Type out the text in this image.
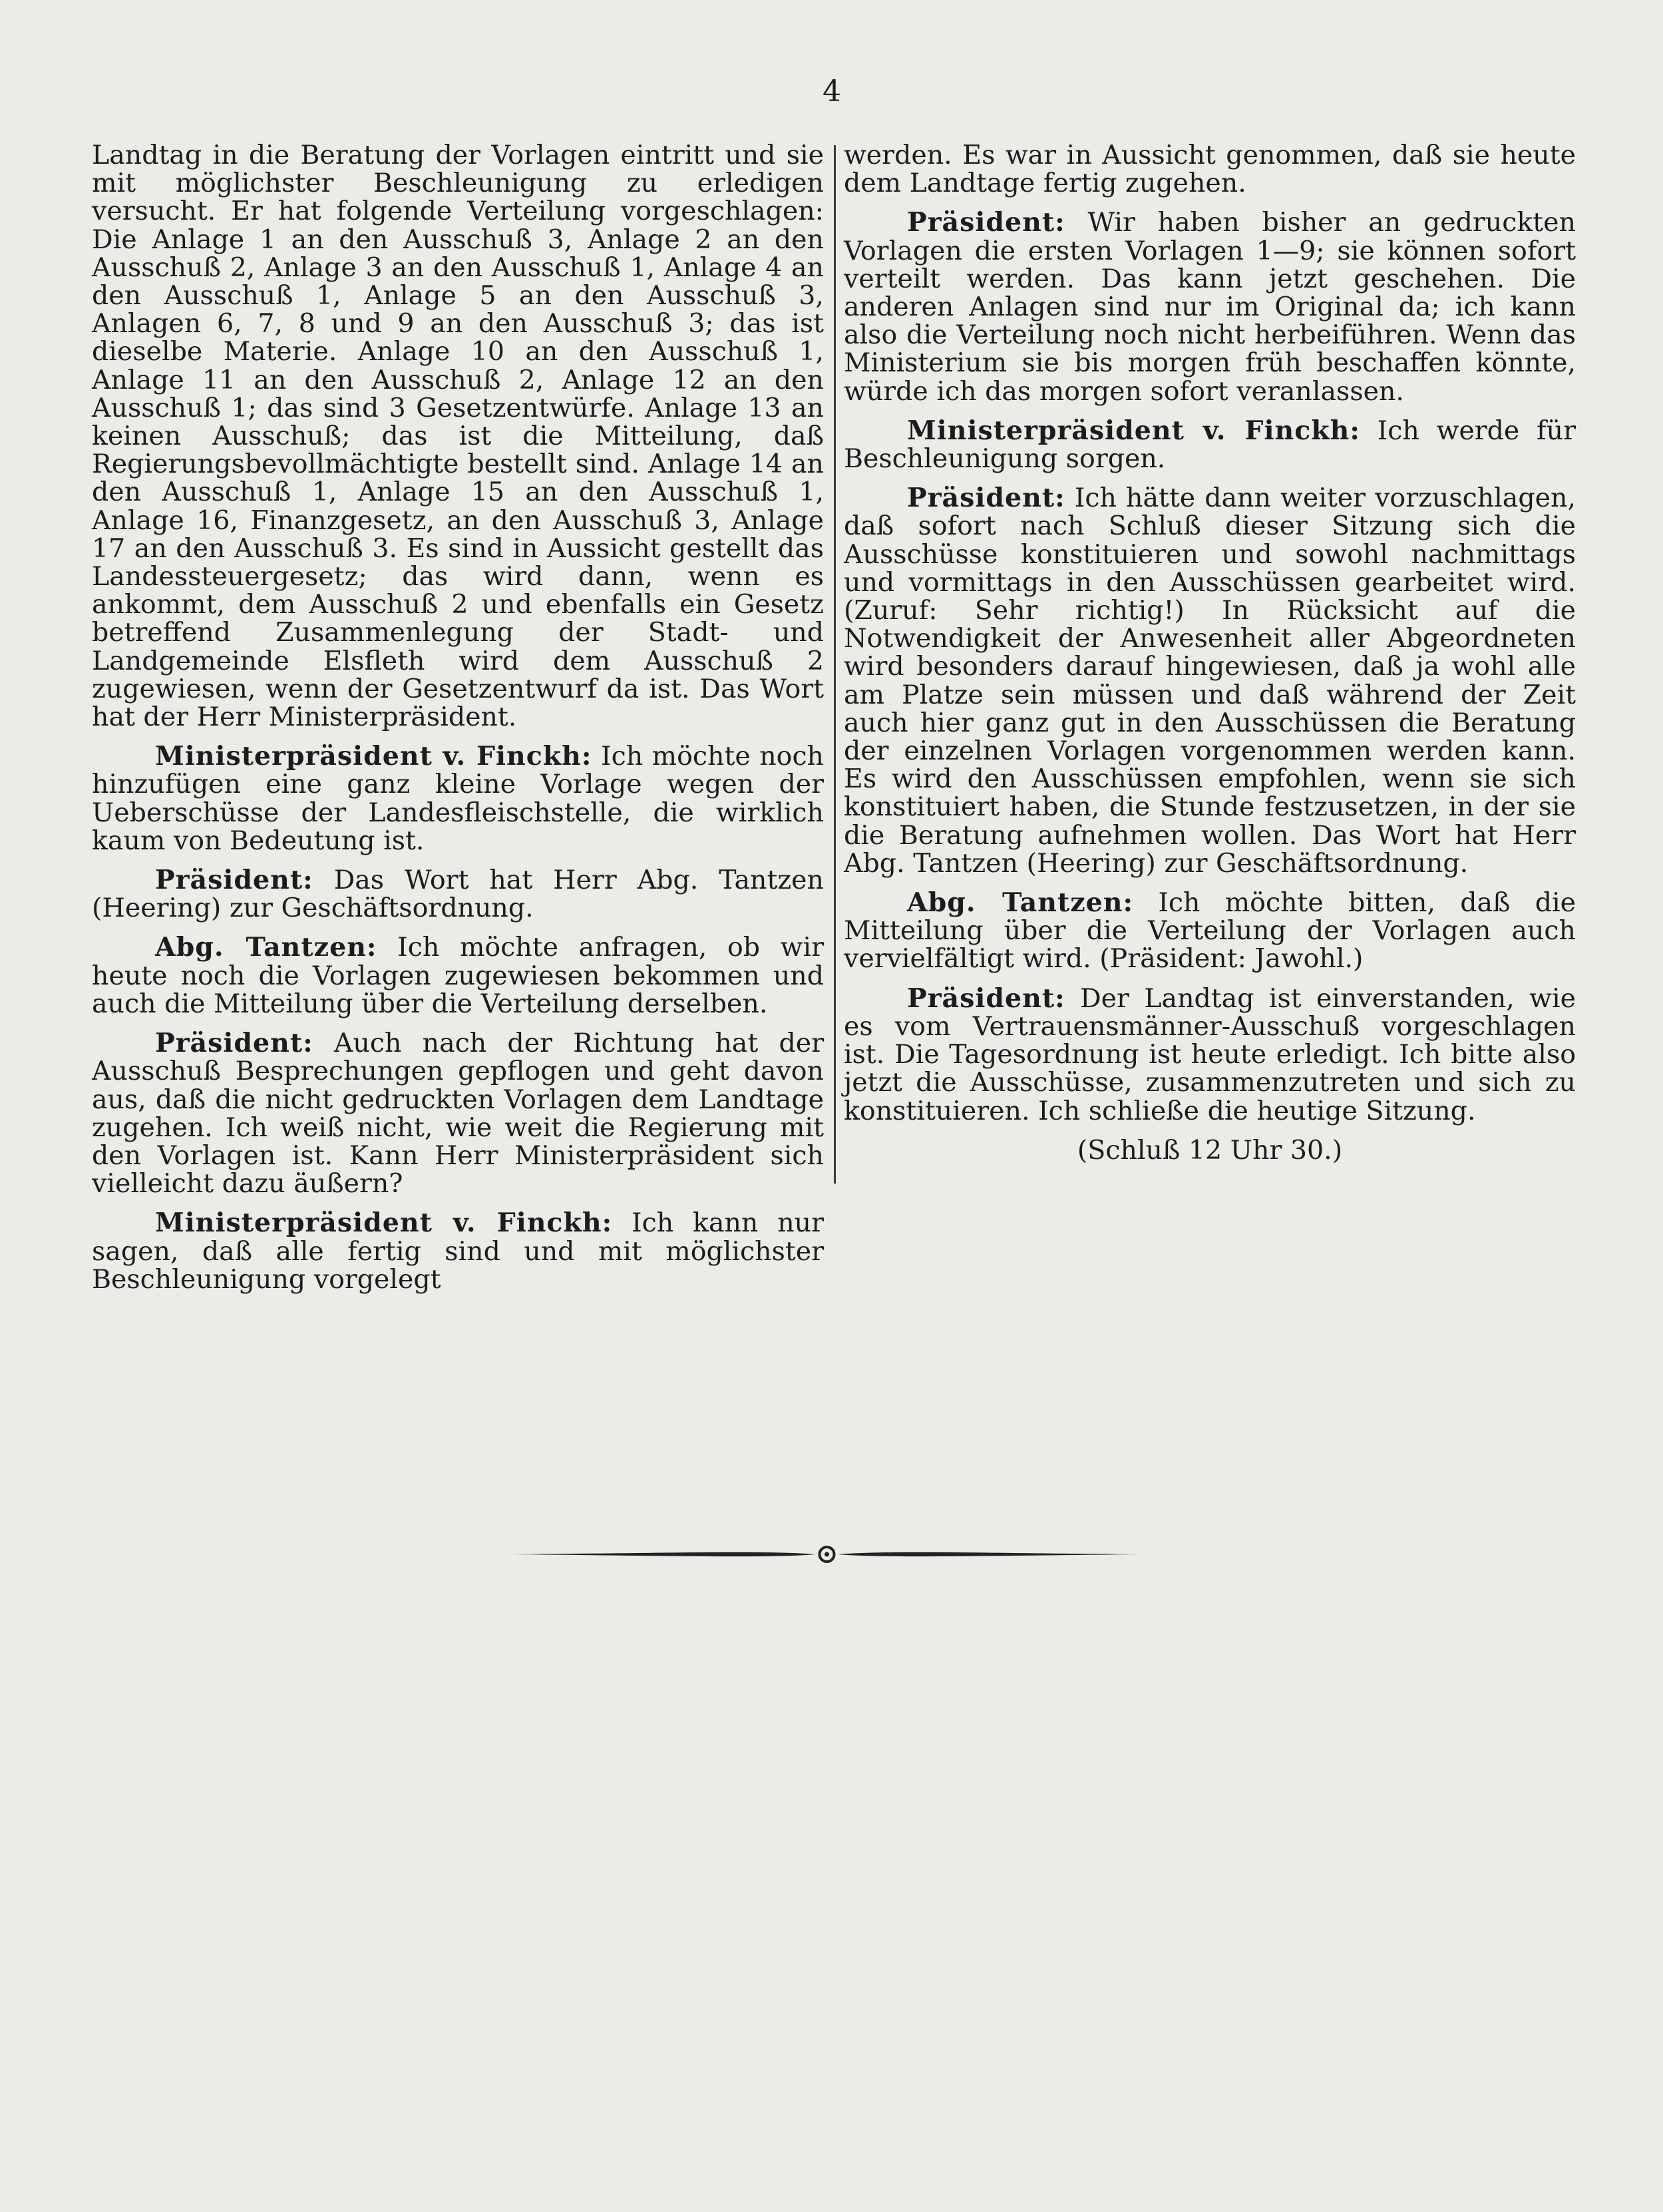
4

Landtag in die Beratung der Vorlagen eintritt und sie mit möglichster Beschleunigung zu erledigen versucht. Er hat folgende Verteilung vorgeschlagen: Die Anlage 1 an den Ausschuß 3, Anlage 2 an den Ausschuß 2, Anlage 3 an den Ausschuß 1, Anlage 4 an den Ausschuß 1, Anlage 5 an den Ausschuß 3, Anlagen 6, 7, 8 und 9 an den Ausschuß 3; das ist dieselbe Materie. Anlage 10 an den Ausschuß 1, Anlage 11 an den Ausschuß 2, Anlage 12 an den Ausschuß 1; das sind 3 Gesetzentwürfe. Anlage 13 an keinen Ausschuß; das ist die Mitteilung, daß Regierungsbevollmächtigte bestellt sind. Anlage 14 an den Ausschuß 1, Anlage 15 an den Ausschuß 1, Anlage 16, Finanzgesetz, an den Ausschuß 3, Anlage 17 an den Ausschuß 3. Es sind in Aussicht gestellt das Landessteuergesetz; das wird dann, wenn es ankommt, dem Ausschuß 2 und ebenfalls ein Gesetz betreffend Zusammenlegung der Stadt- und Landgemeinde Elsfleth wird dem Ausschuß 2 zugewiesen, wenn der Gesetzentwurf da ist. Das Wort hat der Herr Ministerpräsident.

Ministerpräsident v. Finckh: Ich möchte noch hinzufügen eine ganz kleine Vorlage wegen der Ueberschüsse der Landesfleischstelle, die wirklich kaum von Bedeutung ist.

Präsident: Das Wort hat Herr Abg. Tantzen (Heering) zur Geschäftsordnung.

Abg. Tantzen: Ich möchte anfragen, ob wir heute noch die Vorlagen zugewiesen bekommen und auch die Mitteilung über die Verteilung derselben.

Präsident: Auch nach der Richtung hat der Ausschuß Besprechungen gepflogen und geht davon aus, daß die nicht gedruckten Vorlagen dem Landtage zugehen. Ich weiß nicht, wie weit die Regierung mit den Vorlagen ist. Kann Herr Ministerpräsident sich vielleicht dazu äußern?

Ministerpräsident v. Finckh: Ich kann nur sagen, daß alle fertig sind und mit möglichster Beschleunigung vorgelegt

werden. Es war in Aussicht genommen, daß sie heute dem Landtage fertig zugehen.

Präsident: Wir haben bisher an gedruckten Vorlagen die ersten Vorlagen 1—9; sie können sofort verteilt werden. Das kann jetzt geschehen. Die anderen Anlagen sind nur im Original da; ich kann also die Verteilung noch nicht herbeiführen. Wenn das Ministerium sie bis morgen früh beschaffen könnte, würde ich das morgen sofort veranlassen.

Ministerpräsident v. Finckh: Ich werde für Beschleunigung sorgen.

Präsident: Ich hätte dann weiter vorzuschlagen, daß sofort nach Schluß dieser Sitzung sich die Ausschüsse konstituieren und sowohl nachmittags und vormittags in den Ausschüssen gearbeitet wird. (Zuruf: Sehr richtig!) In Rücksicht auf die Notwendigkeit der Anwesenheit aller Abgeordneten wird besonders darauf hingewiesen, daß ja wohl alle am Platze sein müssen und daß während der Zeit auch hier ganz gut in den Ausschüssen die Beratung der einzelnen Vorlagen vorgenommen werden kann. Es wird den Ausschüssen empfohlen, wenn sie sich konstituiert haben, die Stunde festzusetzen, in der sie die Beratung aufnehmen wollen. Das Wort hat Herr Abg. Tantzen (Heering) zur Geschäftsordnung.

Abg. Tantzen: Ich möchte bitten, daß die Mitteilung über die Verteilung der Vorlagen auch vervielfältigt wird. (Präsident: Jawohl.)

Präsident: Der Landtag ist einverstanden, wie es vom Vertrauensmänner-Ausschuß vorgeschlagen ist. Die Tagesordnung ist heute erledigt. Ich bitte also jetzt die Ausschüsse, zusammenzutreten und sich zu konstituieren. Ich schließe die heutige Sitzung.

(Schluß 12 Uhr 30.)
